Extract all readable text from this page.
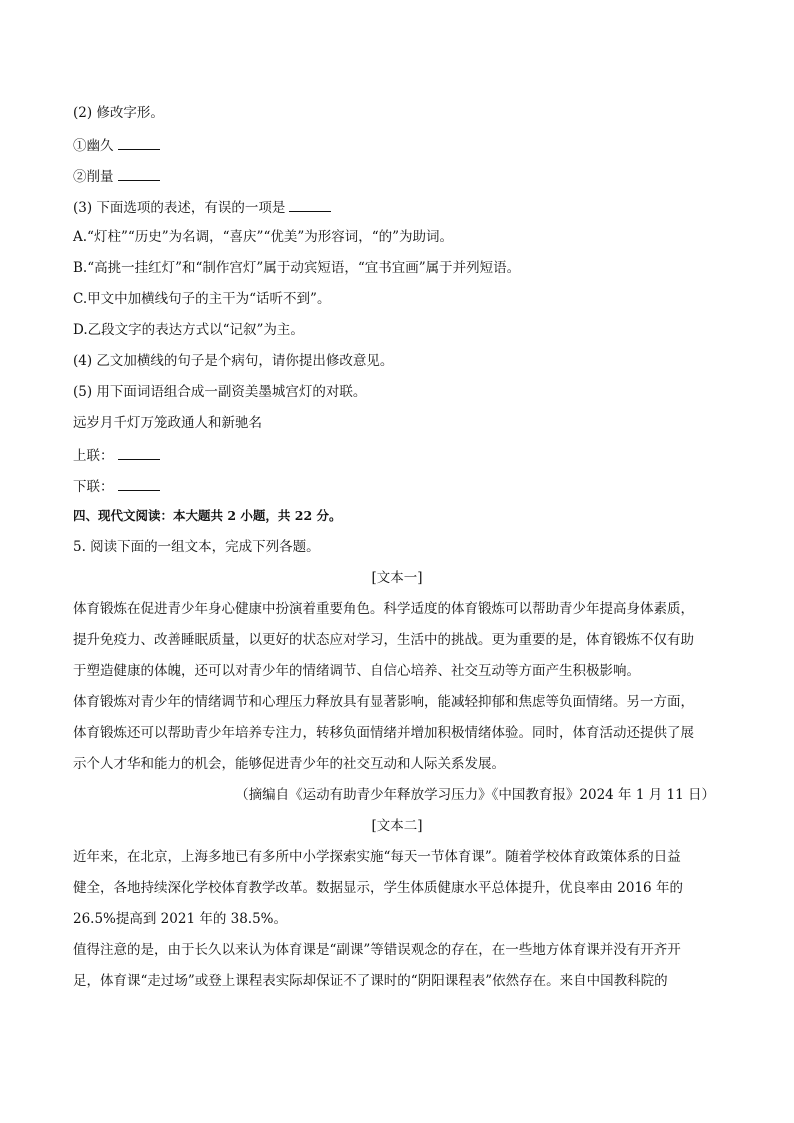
(2) 修改字形。
①幽久
②削量
(3) 下面选项的表述，有误的一项是
A.“灯柱”“历史”为名调，“喜庆”“优美”为形容词，“的”为助词。
B.“高挑一挂红灯”和“制作宫灯”属于动宾短语，“宜书宜画”属于并列短语。
C.甲文中加横线句子的主干为“话听不到”。
D.乙段文字的表达方式以“记叙”为主。
(4) 乙文加横线的句子是个病句，请你提出修改意见。
(5) 用下面词语组合成一副资美墨城宫灯的对联。
远岁月千灯万笼政通人和新驰名
上联：
下联：
四、现代文阅读：本大题共 2 小题，共 22 分。
5. 阅读下面的一组文本，完成下列各题。
[文本一]
体育锻炼在促进青少年身心健康中扮演着重要角色。科学适度的体育锻炼可以帮助青少年提高身体素质，
提升免疫力、改善睡眠质量，以更好的状态应对学习，生活中的挑战。更为重要的是，体育锻炼不仅有助
于塑造健康的体魄，还可以对青少年的情绪调节、自信心培养、社交互动等方面产生积极影响。
体育锻炼对青少年的情绪调节和心理压力释放具有显著影响，能减轻抑郁和焦虑等负面情绪。另一方面，
体育锻炼还可以帮助青少年培养专注力，转移负面情绪并增加积极情绪体验。同时，体育活动还提供了展
示个人才华和能力的机会，能够促进青少年的社交互动和人际关系发展。
（摘编自《运动有助青少年释放学习压力》《中国教育报》2024 年 1 月 11 日）
[文本二]
近年来，在北京，上海多地已有多所中小学探索实施“每天一节体育课”。随着学校体育政策体系的日益
健全，各地持续深化学校体育教学改革。数据显示，学生体质健康水平总体提升，优良率由 2016 年的
26.5%提高到 2021 年的 38.5%。
值得注意的是，由于长久以来认为体育课是“副课”等错误观念的存在，在一些地方体育课并没有开齐开
足，体育课“走过场”或登上课程表实际却保证不了课时的“阴阳课程表”依然存在。来自中国教科院的
